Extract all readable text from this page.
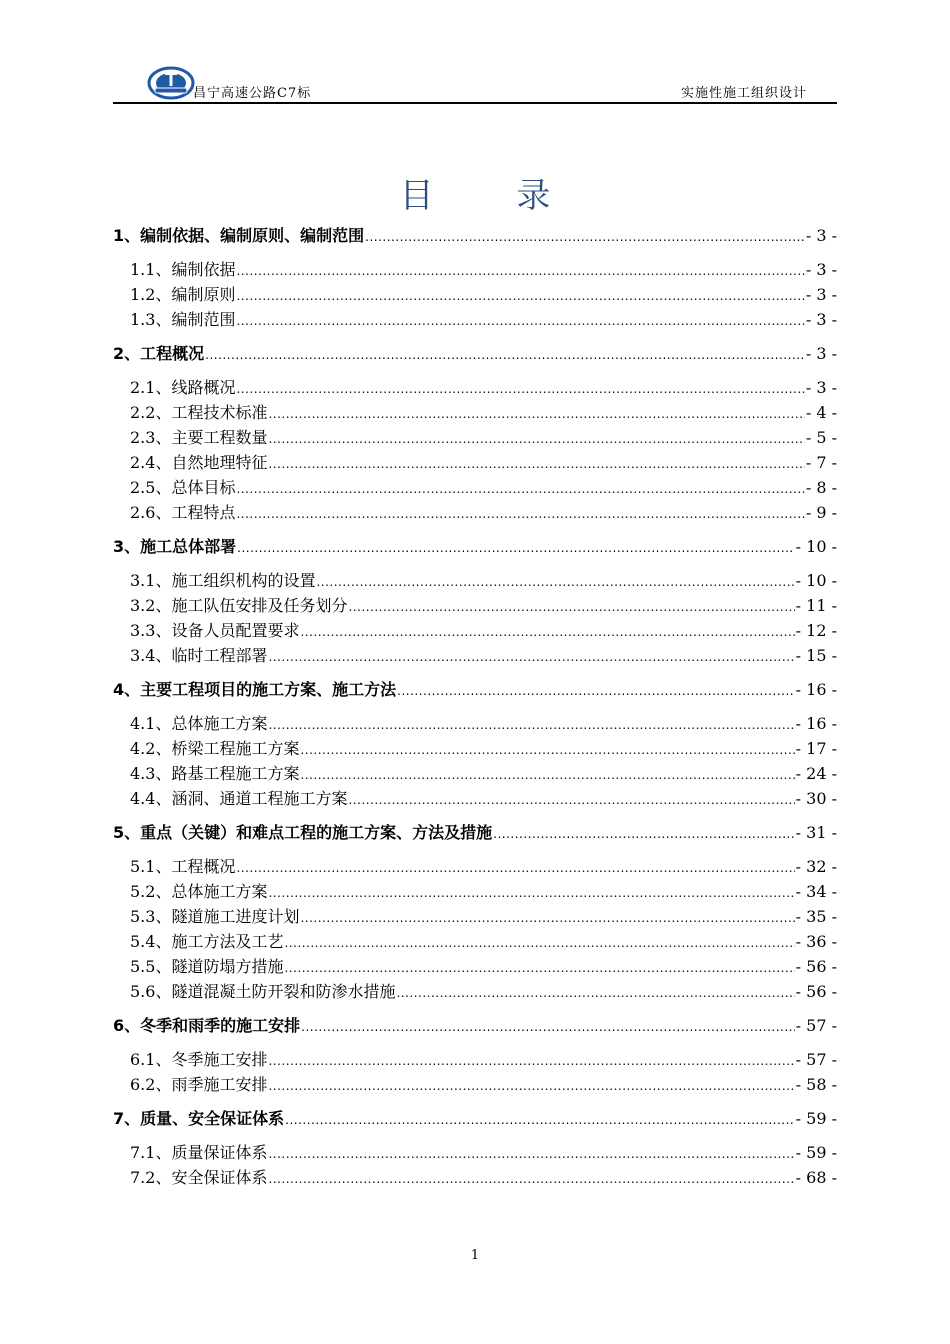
昌宁高速公路C7标	实施性施工组织设计
目 录
1、编制依据、编制原则、编制范围 .....	- 3 -
1.1、编制依据 .....	- 3 -
1.2、编制原则 .....	- 3 -
1.3、编制范围 .....	- 3 -
2、工程概况 .....	- 3 -
2.1、线路概况 .....	- 3 -
2.2、工程技术标准 .....	- 4 -
2.3、主要工程数量 .....	- 5 -
2.4、自然地理特征 .....	- 7 -
2.5、总体目标 .....	- 8 -
2.6、工程特点 .....	- 9 -
3、施工总体部署 .....	- 10 -
3.1、施工组织机构的设置 .....	- 10 -
3.2、施工队伍安排及任务划分 .....	- 11 -
3.3、设备人员配置要求 .....	- 12 -
3.4、临时工程部署 .....	- 15 -
4、主要工程项目的施工方案、施工方法 .....	- 16 -
4.1、总体施工方案 .....	- 16 -
4.2、桥梁工程施工方案 .....	- 17 -
4.3、路基工程施工方案 .....	- 24 -
4.4、涵洞、通道工程施工方案 .....	- 30 -
5、重点（关键）和难点工程的施工方案、方法及措施 .....	- 31 -
5.1、工程概况 .....	- 32 -
5.2、总体施工方案 .....	- 34 -
5.3、隧道施工进度计划 .....	- 35 -
5.4、施工方法及工艺 .....	- 36 -
5.5、隧道防塌方措施 .....	- 56 -
5.6、隧道混凝土防开裂和防渗水措施 .....	- 56 -
6、冬季和雨季的施工安排 .....	- 57 -
6.1、冬季施工安排 .....	- 57 -
6.2、雨季施工安排 .....	- 58 -
7、质量、安全保证体系 .....	- 59 -
7.1、质量保证体系 .....	- 59 -
7.2、安全保证体系 .....	- 68 -
1
